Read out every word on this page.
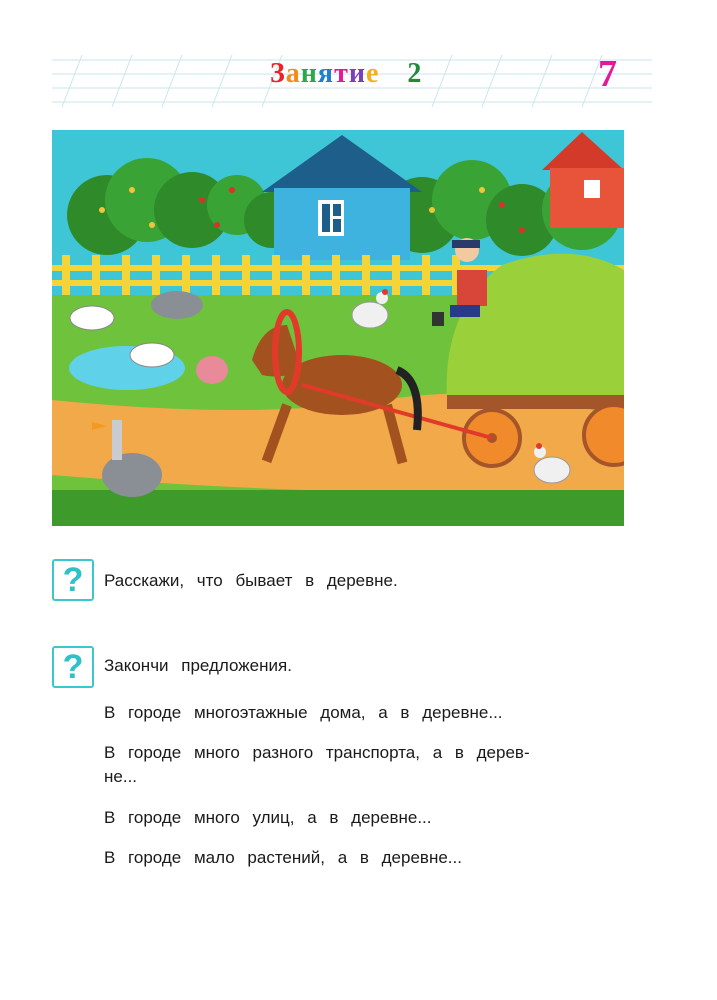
Занятие 2	7
?	Расскажи, что бывает в деревне.
?	Закончи предложения.
В городе многоэтажные дома, а в деревне...
В городе много разного транспорта, а в дерев-
не...
В городе много улиц, а в деревне...
В городе мало растений, а в деревне...
